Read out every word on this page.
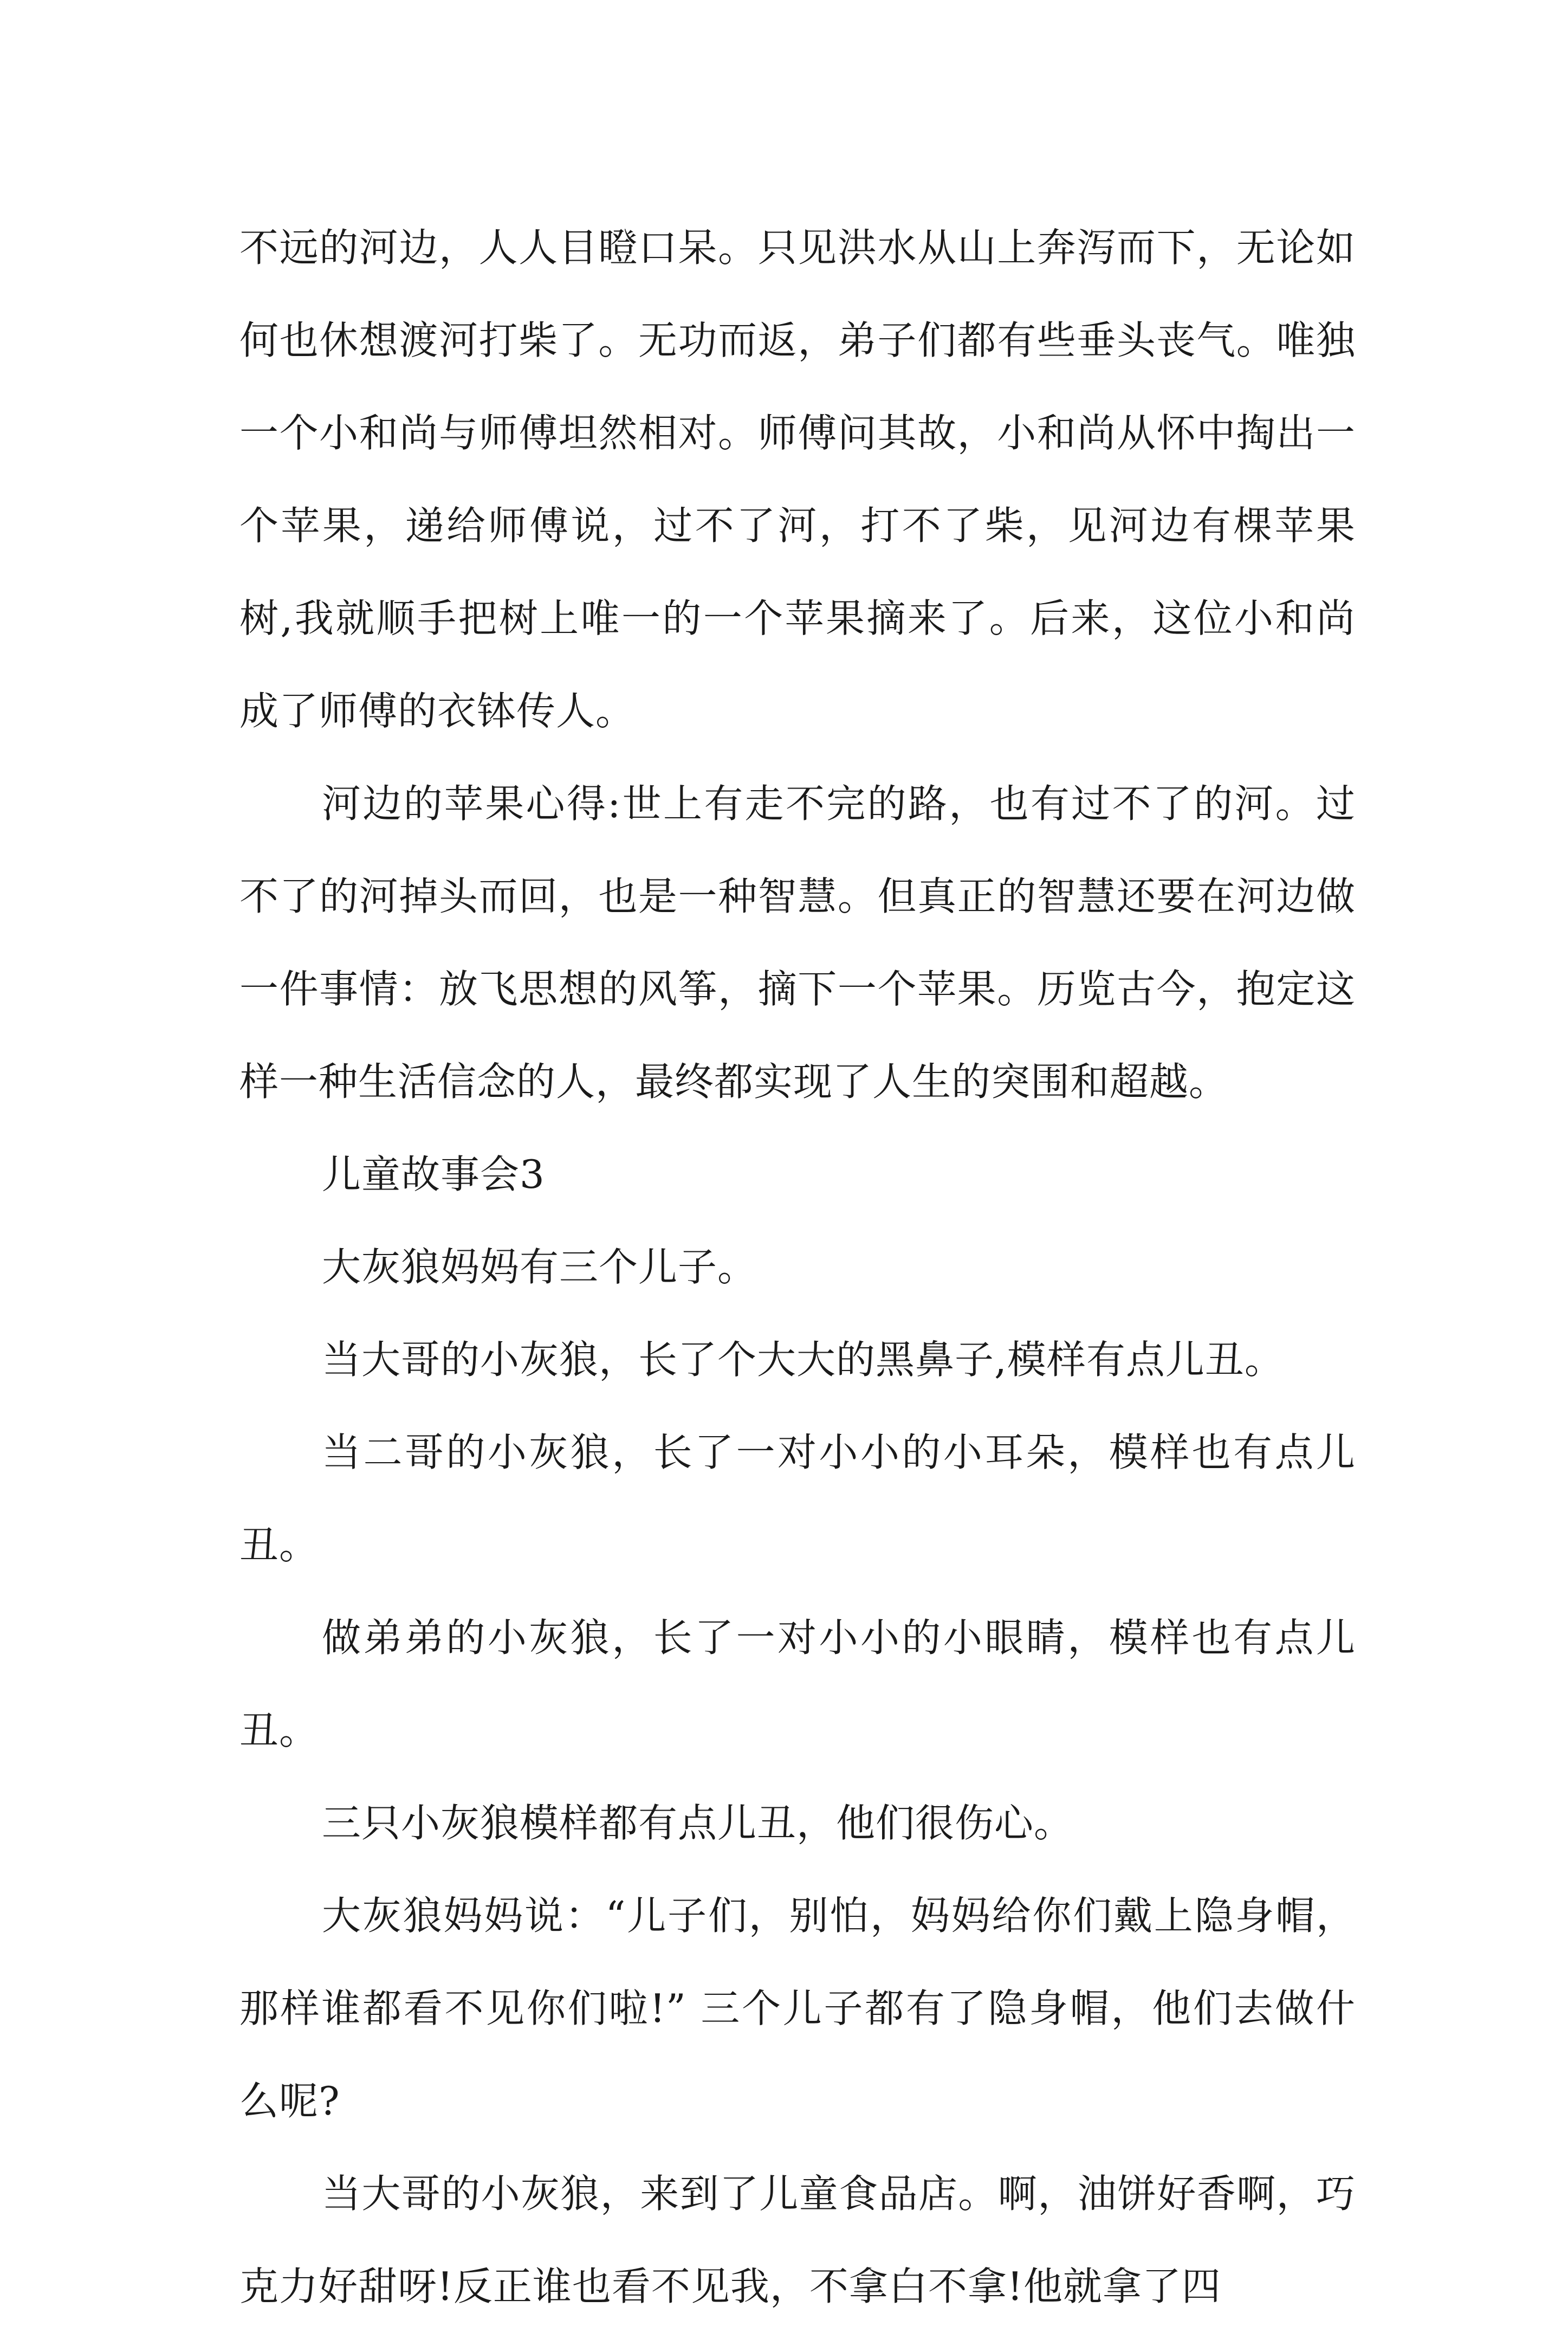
不远的河边，人人目瞪口呆。只见洪水从山上奔泻而下，无论如何也休想渡河打柴了。无功而返，弟子们都有些垂头丧气。唯独一个小和尚与师傅坦然相对。师傅问其故，小和尚从怀中掏出一个苹果，递给师傅说，过不了河，打不了柴，见河边有棵苹果树,我就顺手把树上唯一的一个苹果摘来了。后来，这位小和尚成了师傅的衣钵传人。

河边的苹果心得:世上有走不完的路，也有过不了的河。过不了的河掉头而回，也是一种智慧。但真正的智慧还要在河边做一件事情：放飞思想的风筝，摘下一个苹果。历览古今，抱定这样一种生活信念的人，最终都实现了人生的突围和超越。

儿童故事会3

大灰狼妈妈有三个儿子。

当大哥的小灰狼，长了个大大的黑鼻子,模样有点儿丑。

当二哥的小灰狼，长了一对小小的小耳朵，模样也有点儿丑。

做弟弟的小灰狼，长了一对小小的小眼睛，模样也有点儿丑。

三只小灰狼模样都有点儿丑，他们很伤心。

大灰狼妈妈说：“儿子们，别怕，妈妈给你们戴上隐身帽，那样谁都看不见你们啦!” 三个儿子都有了隐身帽，他们去做什么呢?

当大哥的小灰狼，来到了儿童食品店。啊，油饼好香啊，巧克力好甜呀!反正谁也看不见我，不拿白不拿!他就拿了四
